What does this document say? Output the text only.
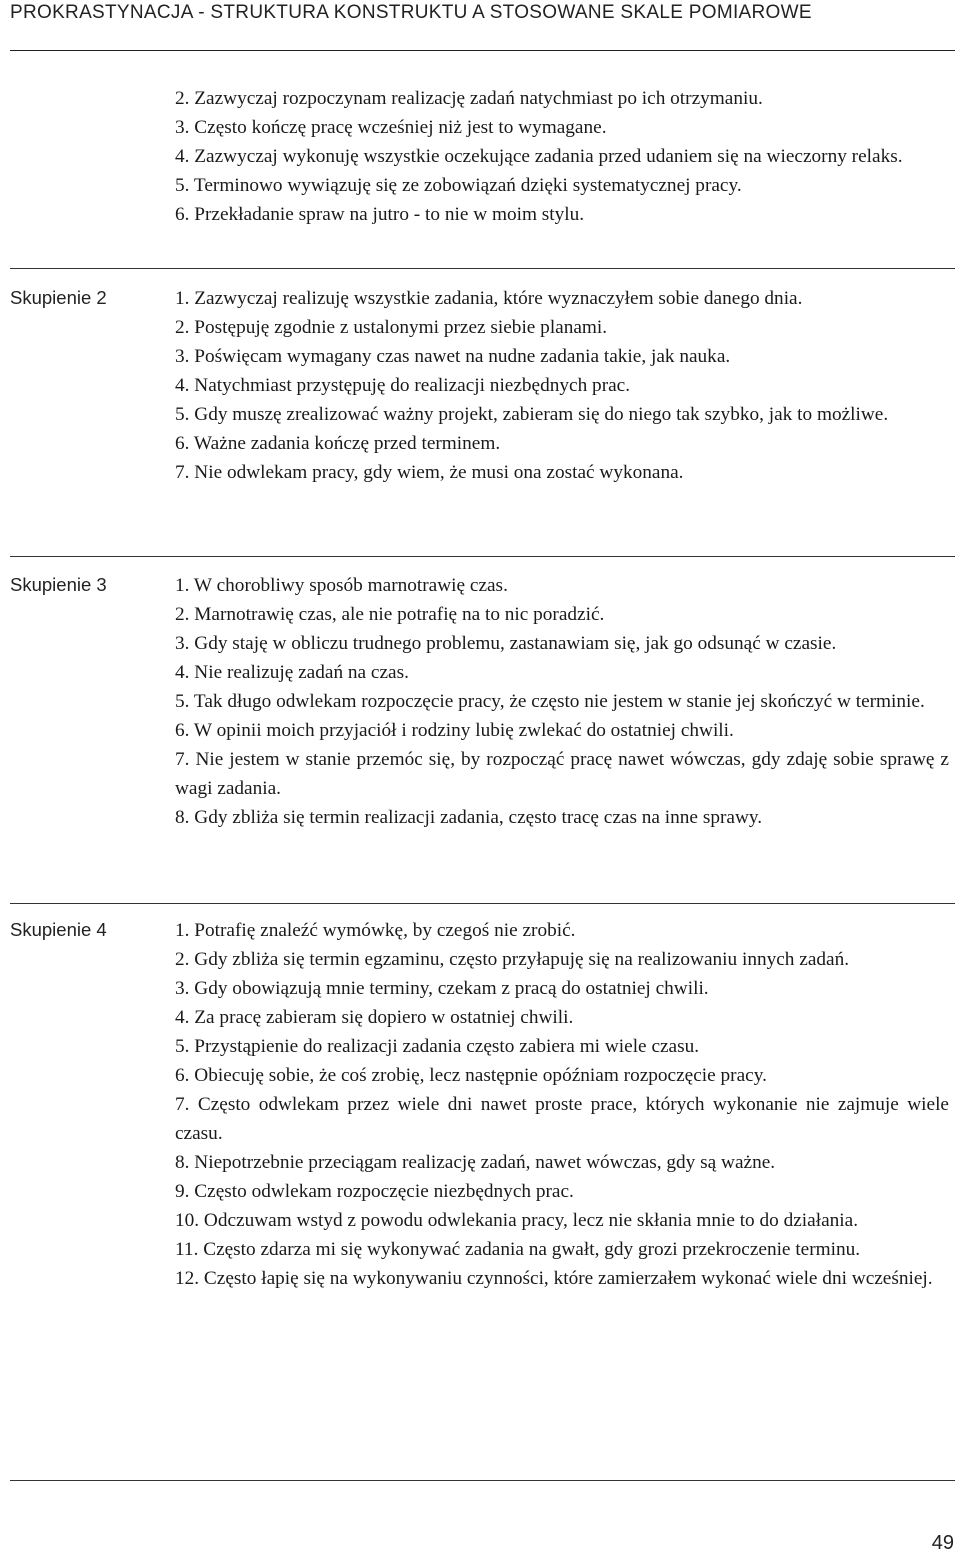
PROKRASTYNACJA - STRUKTURA KONSTRUKTU A STOSOWANE SKALE POMIAROWE

2. Zazwyczaj rozpoczynam realizację zadań natychmiast po ich otrzymaniu.

3. Często kończę pracę wcześniej niż jest to wymagane.

4. Zazwyczaj wykonuję wszystkie oczekujące zadania przed udaniem się na wieczorny relaks.

5. Terminowo wywiązuję się ze zobowiązań dzięki systematycznej pracy.

6. Przekładanie spraw na jutro - to nie w moim stylu.

Skupienie 2	1. Zazwyczaj realizuję wszystkie zadania, które wyznaczyłem sobie danego dnia.

2. Postępuję zgodnie z ustalonymi przez siebie planami.

3. Poświęcam wymagany czas nawet na nudne zadania takie, jak nauka.

4. Natychmiast przystępuję do realizacji niezbędnych prac.

5. Gdy muszę zrealizować ważny projekt, zabieram się do niego tak szybko, jak to możliwe.

6. Ważne zadania kończę przed terminem.

7. Nie odwlekam pracy, gdy wiem, że musi ona zostać wykonana.

Skupienie 3	1. W chorobliwy sposób marnotrawię czas.

2. Marnotrawię czas, ale nie potrafię na to nic poradzić.

3. Gdy staję w obliczu trudnego problemu, zastanawiam się, jak go odsunąć w czasie.

4. Nie realizuję zadań na czas.

5. Tak długo odwlekam rozpoczęcie pracy, że często nie jestem w stanie jej skończyć w terminie.

6. W opinii moich przyjaciół i rodziny lubię zwlekać do ostatniej chwili.

7. Nie jestem w stanie przemóc się, by rozpocząć pracę nawet wówczas, gdy zdaję sobie sprawę z wagi zadania.

8. Gdy zbliża się termin realizacji zadania, często tracę czas na inne sprawy.

Skupienie 4	1. Potrafię znaleźć wymówkę, by czegoś nie zrobić.

2. Gdy zbliża się termin egzaminu, często przyłapuję się na realizowaniu innych zadań.

3. Gdy obowiązują mnie terminy, czekam z pracą do ostatniej chwili.

4. Za pracę zabieram się dopiero w ostatniej chwili.

5. Przystąpienie do realizacji zadania często zabiera mi wiele czasu.

6. Obiecuję sobie, że coś zrobię, lecz następnie opóźniam rozpoczęcie pracy.

7. Często odwlekam przez wiele dni nawet proste prace, których wykonanie nie zajmuje wiele czasu.

8. Niepotrzebnie przeciągam realizację zadań, nawet wówczas, gdy są ważne.

9. Często odwlekam rozpoczęcie niezbędnych prac.

10. Odczuwam wstyd z powodu odwlekania pracy, lecz nie skłania mnie to do działania.

11. Często zdarza mi się wykonywać zadania na gwałt, gdy grozi przekroczenie terminu.

12. Często łapię się na wykonywaniu czynności, które zamierzałem wykonać wiele dni wcześniej.

49
